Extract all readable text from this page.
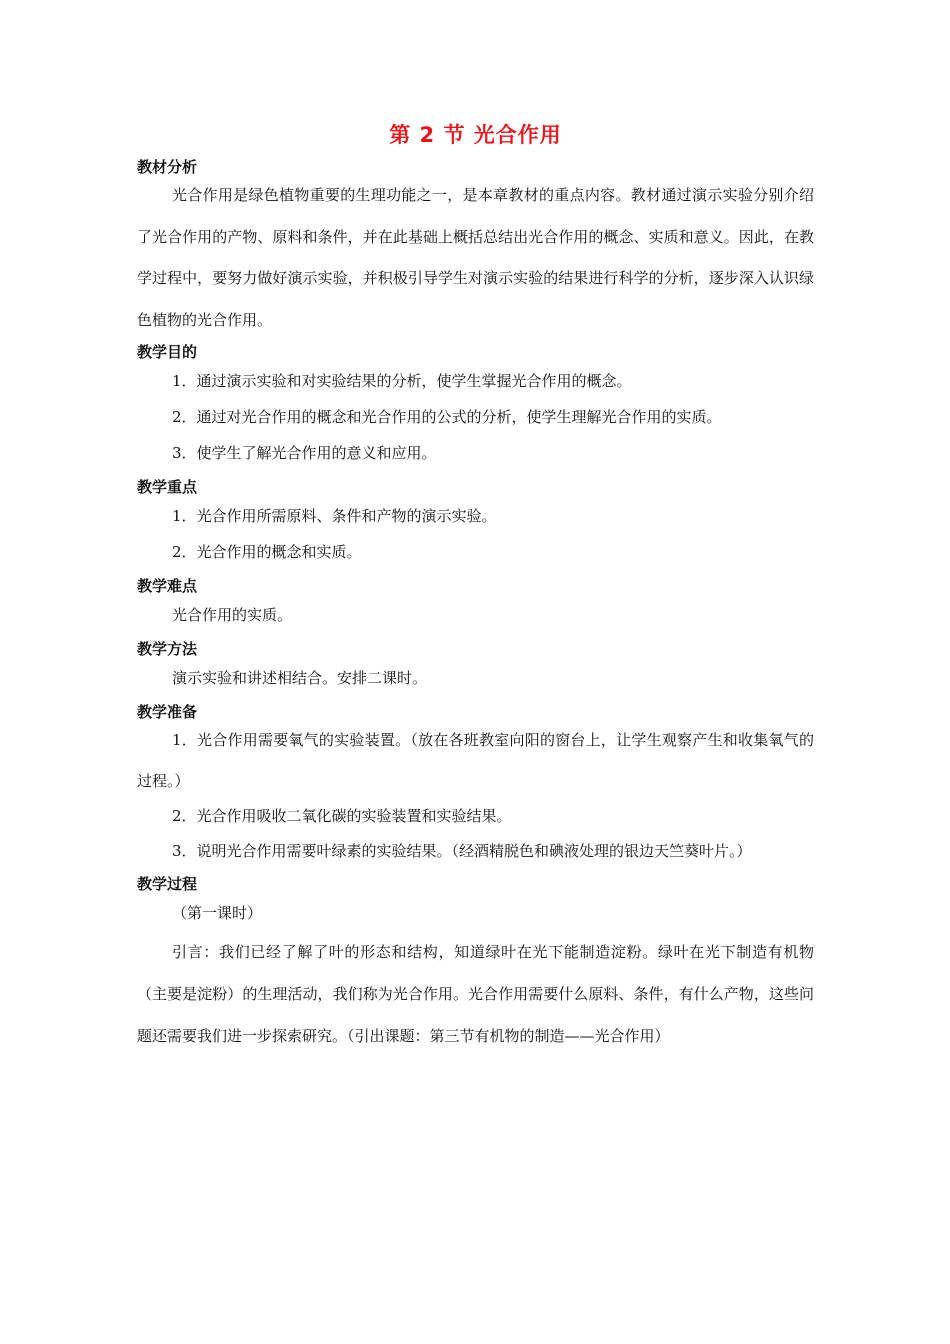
第 2 节 光合作用
教材分析
光合作用是绿色植物重要的生理功能之一，是本章教材的重点内容。教材通过演示实验分别介绍了光合作用的产物、原料和条件，并在此基础上概括总结出光合作用的概念、实质和意义。因此，在教学过程中，要努力做好演示实验，并积极引导学生对演示实验的结果进行科学的分析，逐步深入认识绿色植物的光合作用。
教学目的
1．通过演示实验和对实验结果的分析，使学生掌握光合作用的概念。
2．通过对光合作用的概念和光合作用的公式的分析，使学生理解光合作用的实质。
3．使学生了解光合作用的意义和应用。
教学重点
1．光合作用所需原料、条件和产物的演示实验。
2．光合作用的概念和实质。
教学难点
光合作用的实质。
教学方法
演示实验和讲述相结合。安排二课时。
教学准备
1．光合作用需要氧气的实验装置。（放在各班教室向阳的窗台上，让学生观察产生和收集氧气的过程。）
2．光合作用吸收二氧化碳的实验装置和实验结果。
3．说明光合作用需要叶绿素的实验结果。（经酒精脱色和碘液处理的银边天竺葵叶片。）
教学过程
（第一课时）
引言：我们已经了解了叶的形态和结构，知道绿叶在光下能制造淀粉。绿叶在光下制造有机物（主要是淀粉）的生理活动，我们称为光合作用。光合作用需要什么原料、条件，有什么产物，这些问题还需要我们进一步探索研究。（引出课题：第三节有机物的制造——光合作用）
